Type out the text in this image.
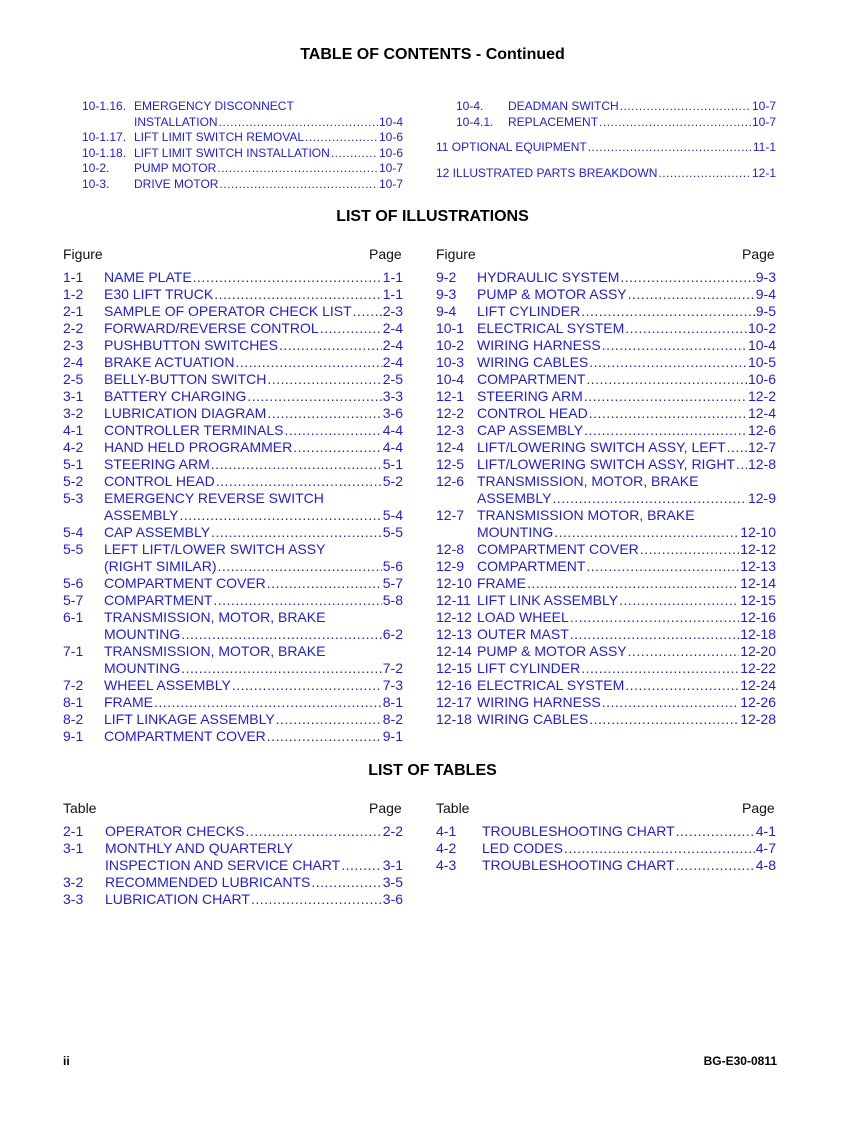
TABLE OF CONTENTS - Continued
10-1.16. EMERGENCY DISCONNECT
INSTALLATION .....	10-4
10-1.17. LIFT LIMIT SWITCH REMOVAL .....	10-6
10-1.18. LIFT LIMIT SWITCH INSTALLATION .....	10-6
10-2.	PUMP MOTOR .....	10-7
10-3.	DRIVE MOTOR .....	10-7
10-4.	DEADMAN SWITCH .....	10-7
10-4.1.	REPLACEMENT .....	10-7
11 OPTIONAL EQUIPMENT .....	11-1
12 ILLUSTRATED PARTS BREAKDOWN .....	12-1
LIST OF ILLUSTRATIONS
Figure	Page Figure	Page
1-1	NAME PLATE .....	1-1
1-2	E30 LIFT TRUCK .....	1-1
2-1	SAMPLE OF OPERATOR CHECK LIST ..... 2-3
2-2	FORWARD/REVERSE CONTROL .....	2-4
2-3	PUSHBUTTON SWITCHES .....	2-4
2-4	BRAKE ACTUATION .....	2-4
2-5	BELLY-BUTTON SWITCH .....	2-5
3-1	BATTERY CHARGING .....	3-3
3-2	LUBRICATION DIAGRAM .....	3-6
4-1	CONTROLLER TERMINALS .....	4-4
4-2	HAND HELD PROGRAMMER .....	4-4
5-1	STEERING ARM .....	5-1
5-2	CONTROL HEAD .....	5-2
5-3	EMERGENCY REVERSE SWITCH
ASSEMBLY .....	5-4
5-4	CAP ASSEMBLY .....	5-5
5-5	LEFT LIFT/LOWER SWITCH ASSY
(RIGHT SIMILAR) .....	5-6
5-6	COMPARTMENT COVER .....	5-7
5-7	COMPARTMENT .....	5-8
6-1	TRANSMISSION, MOTOR, BRAKE
MOUNTING .....	6-2
7-1	TRANSMISSION, MOTOR, BRAKE
MOUNTING .....	7-2
7-2	WHEEL ASSEMBLY .....	7-3
8-1	FRAME .....	8-1
8-2	LIFT LINKAGE ASSEMBLY .....	8-2
9-1	COMPARTMENT COVER .....	9-1
9-2	HYDRAULIC SYSTEM .....	9-3
9-3	PUMP & MOTOR ASSY .....	9-4
9-4	LIFT CYLINDER .....	9-5
10-1 ELECTRICAL SYSTEM .....	10-2
10-2 WIRING HARNESS .....	10-4
10-3 WIRING CABLES .....	10-5
10-4 COMPARTMENT .....	10-6
12-1 STEERING ARM .....	12-2
12-2 CONTROL HEAD .....	12-4
12-3 CAP ASSEMBLY .....	12-6
12-4 LIFT/LOWERING SWITCH ASSY, LEFT ..... 12-7
12-5 LIFT/LOWERING SWITCH ASSY, RIGHT ..... 12-8
12-6 TRANSMISSION, MOTOR, BRAKE
ASSEMBLY .....	12-9
12-7 TRANSMISSION MOTOR, BRAKE
MOUNTING .....	12-10
12-8 COMPARTMENT COVER .....	12-12
12-9 COMPARTMENT .....	12-13
12-10 FRAME .....	12-14
12-11 LIFT LINK ASSEMBLY .....	12-15
12-12 LOAD WHEEL .....	12-16
12-13 OUTER MAST .....	12-18
12-14 PUMP & MOTOR ASSY .....	12-20
12-15 LIFT CYLINDER .....	12-22
12-16 ELECTRICAL SYSTEM .....	12-24
12-17 WIRING HARNESS .....	12-26
12-18 WIRING CABLES .....	12-28
LIST OF TABLES
Table	Page Table	Page
2-1	OPERATOR CHECKS .....	2-2
3-1	MONTHLY AND QUARTERLY
INSPECTION AND SERVICE CHART .....	3-1
3-2	RECOMMENDED LUBRICANTS .....	3-5
3-3	LUBRICATION CHART .....	3-6
4-1	TROUBLESHOOTING CHART .....	4-1
4-2	LED CODES .....	4-7
4-3	TROUBLESHOOTING CHART .....	4-8
ii	BG-E30-0811
